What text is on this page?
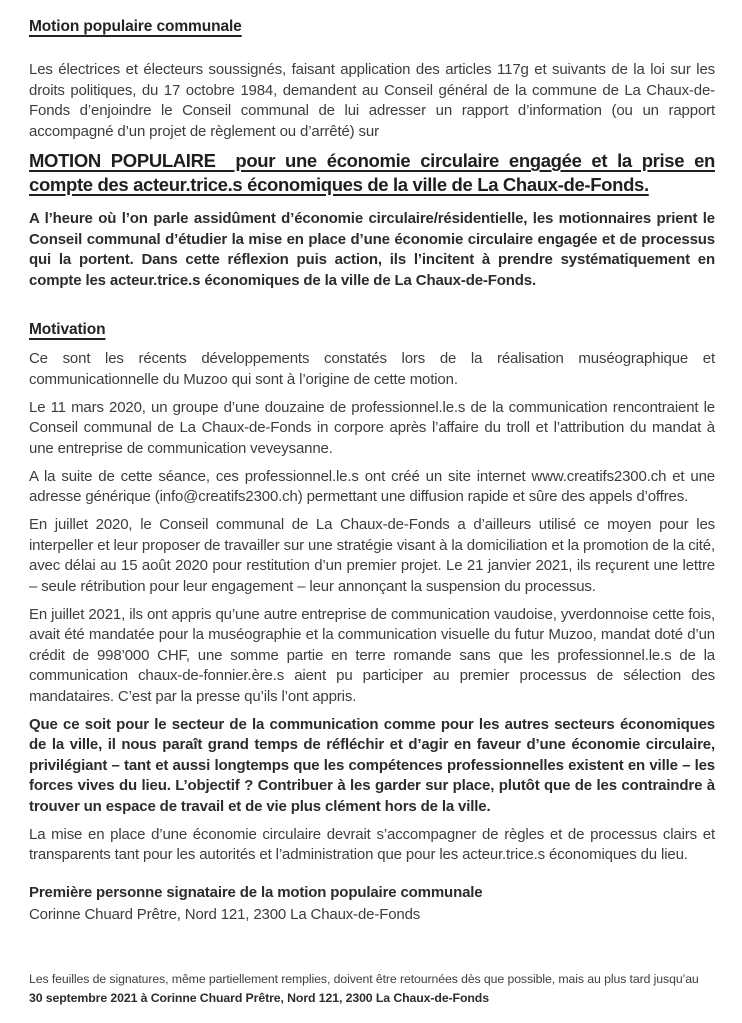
Motion populaire communale

Les électrices et électeurs soussignés, faisant application des articles 117g et suivants de la loi sur les droits politiques, du 17 octobre 1984, demandent au Conseil général de la commune de La Chaux-de-Fonds d’enjoindre le Conseil communal de lui adresser un rapport d’information (ou un rapport accompagné d’un projet de règlement ou d’arrêté) sur

MOTION POPULAIRE  pour une économie circulaire engagée et la prise en compte des acteur.trice.s économiques de la ville de La Chaux-de-Fonds.

A l’heure où l’on parle assidûment d’économie circulaire/résidentielle, les motionnaires prient le Conseil communal d’étudier la mise en place d’une économie circulaire engagée et de processus qui la portent. Dans cette réflexion puis action, ils l’incitent à prendre systématiquement en compte les acteur.trice.s économiques de la ville de La Chaux-de-Fonds.

Motivation

Ce sont les récents développements constatés lors de la réalisation muséographique et communicationnelle du Muzoo qui sont à l’origine de cette motion.

Le 11 mars 2020, un groupe d’une douzaine de professionnel.le.s de la communication rencontraient le Conseil communal de La Chaux-de-Fonds in corpore après l’affaire du troll et l’attribution du mandat à une entreprise de communication veveysanne.

A la suite de cette séance, ces professionnel.le.s ont créé un site internet www.creatifs2300.ch et une adresse générique (info@creatifs2300.ch) permettant une diffusion rapide et sûre des appels d’offres.

En juillet 2020, le Conseil communal de La Chaux-de-Fonds a d’ailleurs utilisé ce moyen pour les interpeller et leur proposer de travailler sur une stratégie visant à la domiciliation et la promotion de la cité, avec délai au 15 août 2020 pour restitution d’un premier projet. Le 21 janvier 2021, ils reçurent une lettre – seule rétribution pour leur engagement – leur annonçant la suspension du processus.

En juillet 2021, ils ont appris qu’une autre entreprise de communication vaudoise, yverdonnoise cette fois, avait été mandatée pour la muséographie et la communication visuelle du futur Muzoo, mandat doté d’un crédit de 998’000 CHF, une somme partie en terre romande sans que les professionnel.le.s de la communication chaux-de-fonnier.ère.s aient pu participer au premier processus de sélection des mandataires. C’est par la presse qu’ils l’ont appris.

Que ce soit pour le secteur de la communication comme pour les autres secteurs économiques de la ville, il nous paraît grand temps de réfléchir et d’agir en faveur d’une économie circulaire, privilégiant – tant et aussi longtemps que les compétences professionnelles existent en ville – les forces vives du lieu. L’objectif ? Contribuer à les garder sur place, plutôt que de les contraindre à trouver un espace de travail et de vie plus clément hors de la ville.

La mise en place d’une économie circulaire devrait s’accompagner de règles et de processus clairs et transparents tant pour les autorités et l’administration que pour les acteur.trice.s économiques du lieu.

Première personne signataire de la motion populaire communale

Corinne Chuard Prêtre, Nord 121, 2300 La Chaux-de-Fonds

Les feuilles de signatures, même partiellement remplies, doivent être retournées dès que possible, mais au plus tard jusqu’au 30 septembre 2021 à Corinne Chuard Prêtre, Nord 121, 2300 La Chaux-de-Fonds
